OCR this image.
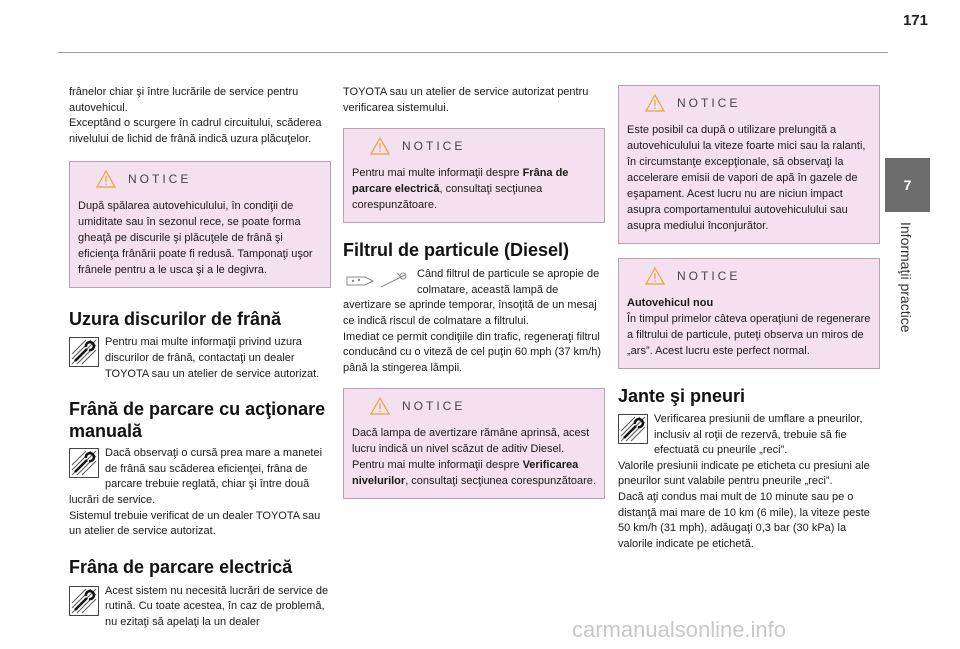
171
7
Informaţii practice

frânelor chiar şi între lucrările de service pentru autovehicul.

Exceptând o scurgere în cadrul circuitului, scăderea nivelului de lichid de frână indică uzura plăcuţelor.

NOTICE

După spălarea autovehiculului, în condiţii de umiditate sau în sezonul rece, se poate forma gheaţă pe discurile şi plăcuţele de frână şi eficienţa frânării poate fi redusă. Tamponaţi uşor frânele pentru a le usca şi a le degivra.

Uzura discurilor de frână

Pentru mai multe informaţii privind uzura discurilor de frână, contactaţi un dealer TOYOTA sau un atelier de service autorizat.

Frână de parcare cu acţionare manuală

Dacă observaţi o cursă prea mare a manetei de frână sau scăderea eficienţei, frâna de parcare trebuie reglată, chiar şi între două lucrări de service.

Sistemul trebuie verificat de un dealer TOYOTA sau un atelier de service autorizat.

Frâna de parcare electrică

Acest sistem nu necesită lucrări de service de rutină. Cu toate acestea, în caz de problemă, nu ezitaţi să apelaţi la un dealer

TOYOTA sau un atelier de service autorizat pentru verificarea sistemului.

NOTICE

Pentru mai multe informaţii despre Frâna de parcare electrică, consultaţi secţiunea corespunzătoare.

Filtrul de particule (Diesel)

Când filtrul de particule se apropie de colmatare, această lampă de avertizare se aprinde temporar, însoţită de un mesaj ce indică riscul de colmatare a filtrului.

Imediat ce permit condiţiile din trafic, regeneraţi filtrul conducând cu o viteză de cel puţin 60 mph (37 km/h) până la stingerea lămpii.

NOTICE

Dacă lampa de avertizare rămâne aprinsă, acest lucru indică un nivel scăzut de aditiv Diesel.

Pentru mai multe informaţii despre Verificarea nivelurilor, consultaţi secţiunea corespunzătoare.

NOTICE

Este posibil ca după o utilizare prelungită a autovehiculului la viteze foarte mici sau la ralanti, în circumstanţe excepţionale, să observaţi la accelerare emisii de vapori de apă în gazele de eşapament. Acest lucru nu are niciun impact asupra comportamentului autovehiculului sau asupra mediului înconjurător.

NOTICE

Autovehicul nou

În timpul primelor câteva operaţiuni de regenerare a filtrului de particule, puteţi observa un miros de „ars”. Acest lucru este perfect normal.

Jante şi pneuri

Verificarea presiunii de umflare a pneurilor, inclusiv al roţii de rezervă, trebuie să fie efectuată cu pneurile „reci”.

Valorile presiunii indicate pe eticheta cu presiuni ale pneurilor sunt valabile pentru pneurile „reci”.

Dacă aţi condus mai mult de 10 minute sau pe o distanţă mai mare de 10 km (6 mile), la viteze peste 50 km/h (31 mph), adăugaţi 0,3 bar (30 kPa) la valorile indicate pe etichetă.

carmanualsonline.info
